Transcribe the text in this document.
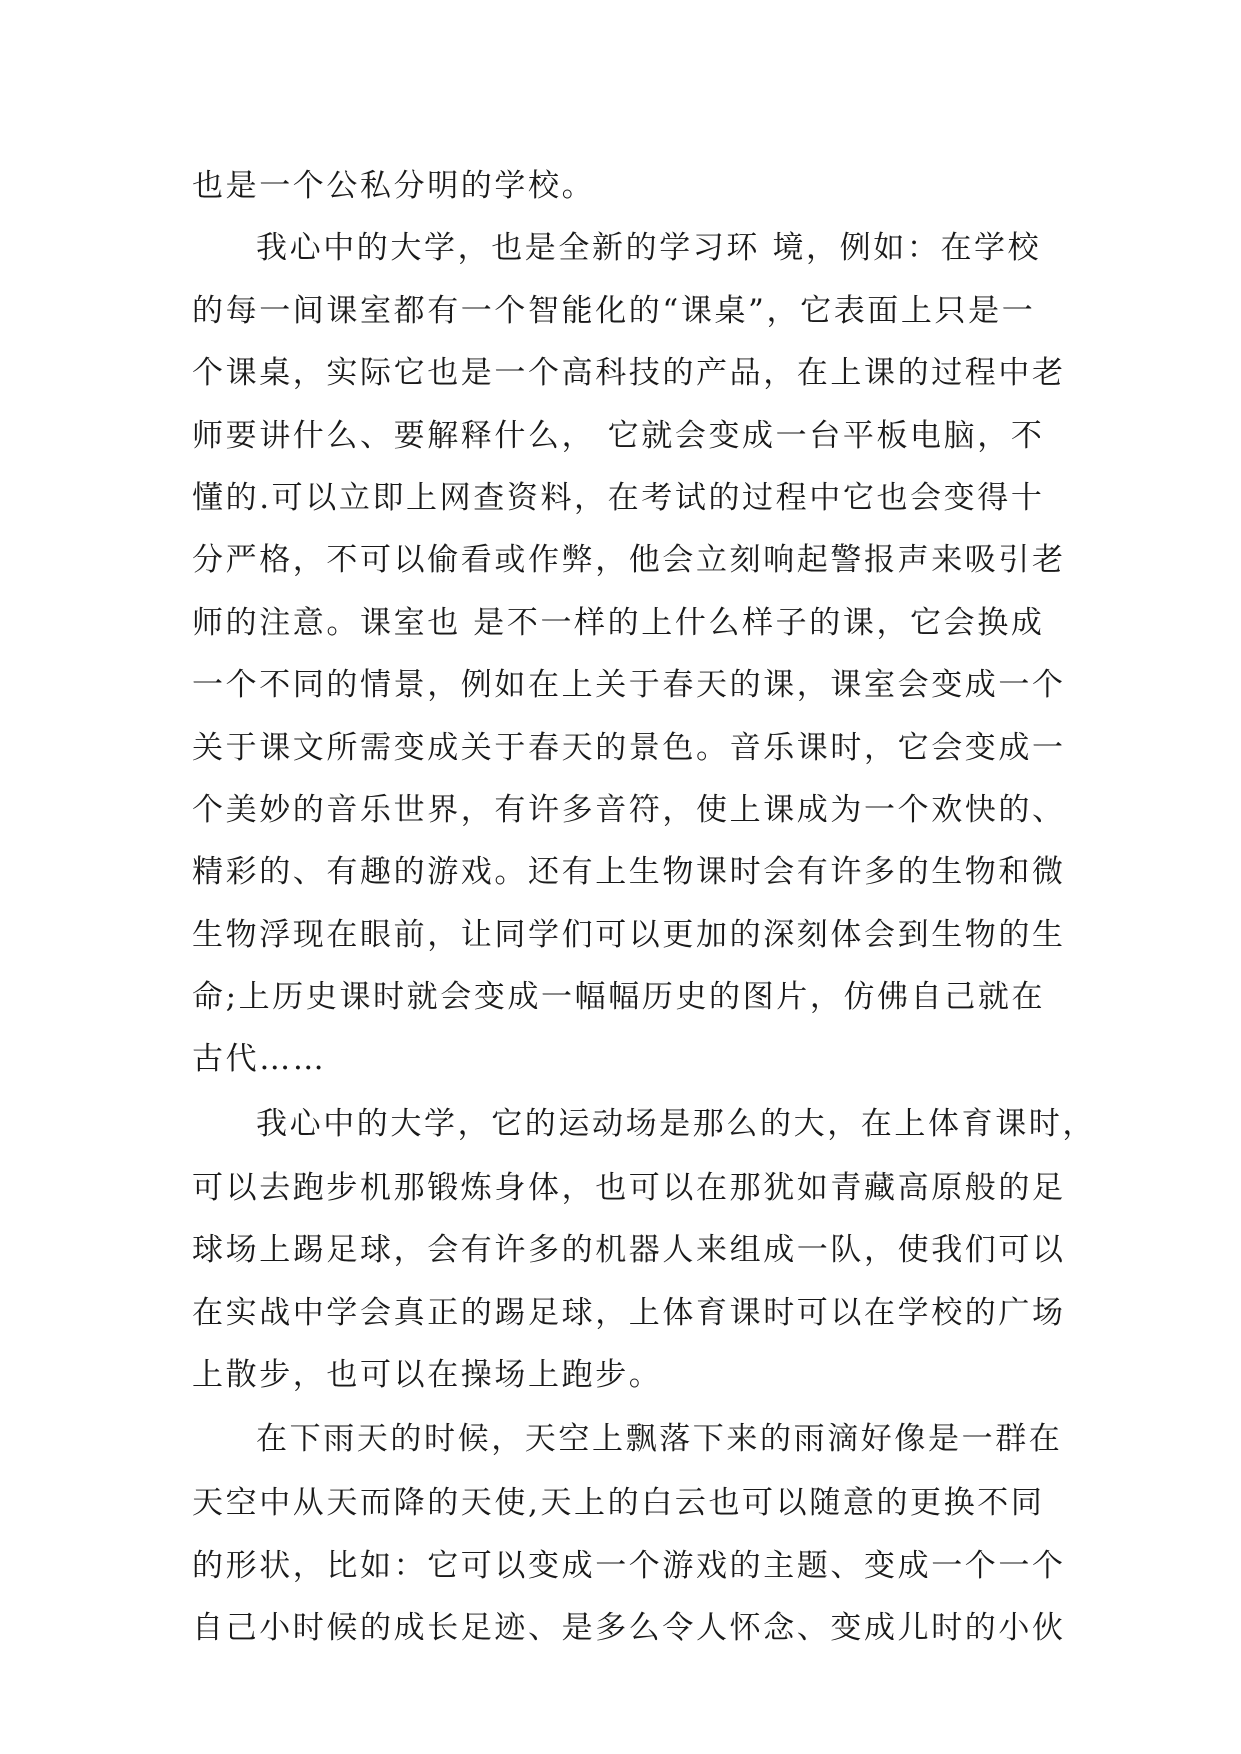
也是一个公私分明的学校。
我心中的大学，也是全新的学习环 境，例如：在学校
的每一间课室都有一个智能化的“课桌”，它表面上只是一
个课桌，实际它也是一个高科技的产品，在上课的过程中老
师要讲什么、要解释什么， 它就会变成一台平板电脑，不
懂的.可以立即上网查资料，在考试的过程中它也会变得十
分严格，不可以偷看或作弊，他会立刻响起警报声来吸引老
师的注意。课室也 是不一样的上什么样子的课，它会换成
一个不同的情景，例如在上关于春天的课，课室会变成一个
关于课文所需变成关于春天的景色。音乐课时，它会变成一
个美妙的音乐世界，有许多音符，使上课成为一个欢快的、
精彩的、有趣的游戏。还有上生物课时会有许多的生物和微
生物浮现在眼前，让同学们可以更加的深刻体会到生物的生
命;上历史课时就会变成一幅幅历史的图片，仿佛自己就在
古代……
我心中的大学，它的运动场是那么的大，在上体育课时，
可以去跑步机那锻炼身体，也可以在那犹如青藏高原般的足
球场上踢足球，会有许多的机器人来组成一队，使我们可以
在实战中学会真正的踢足球，上体育课时可以在学校的广场
上散步，也可以在操场上跑步。
在下雨天的时候，天空上飘落下来的雨滴好像是一群在
天空中从天而降的天使,天上的白云也可以随意的更换不同
的形状，比如：它可以变成一个游戏的主题、变成一个一个
自己小时候的成长足迹、是多么令人怀念、变成儿时的小伙
